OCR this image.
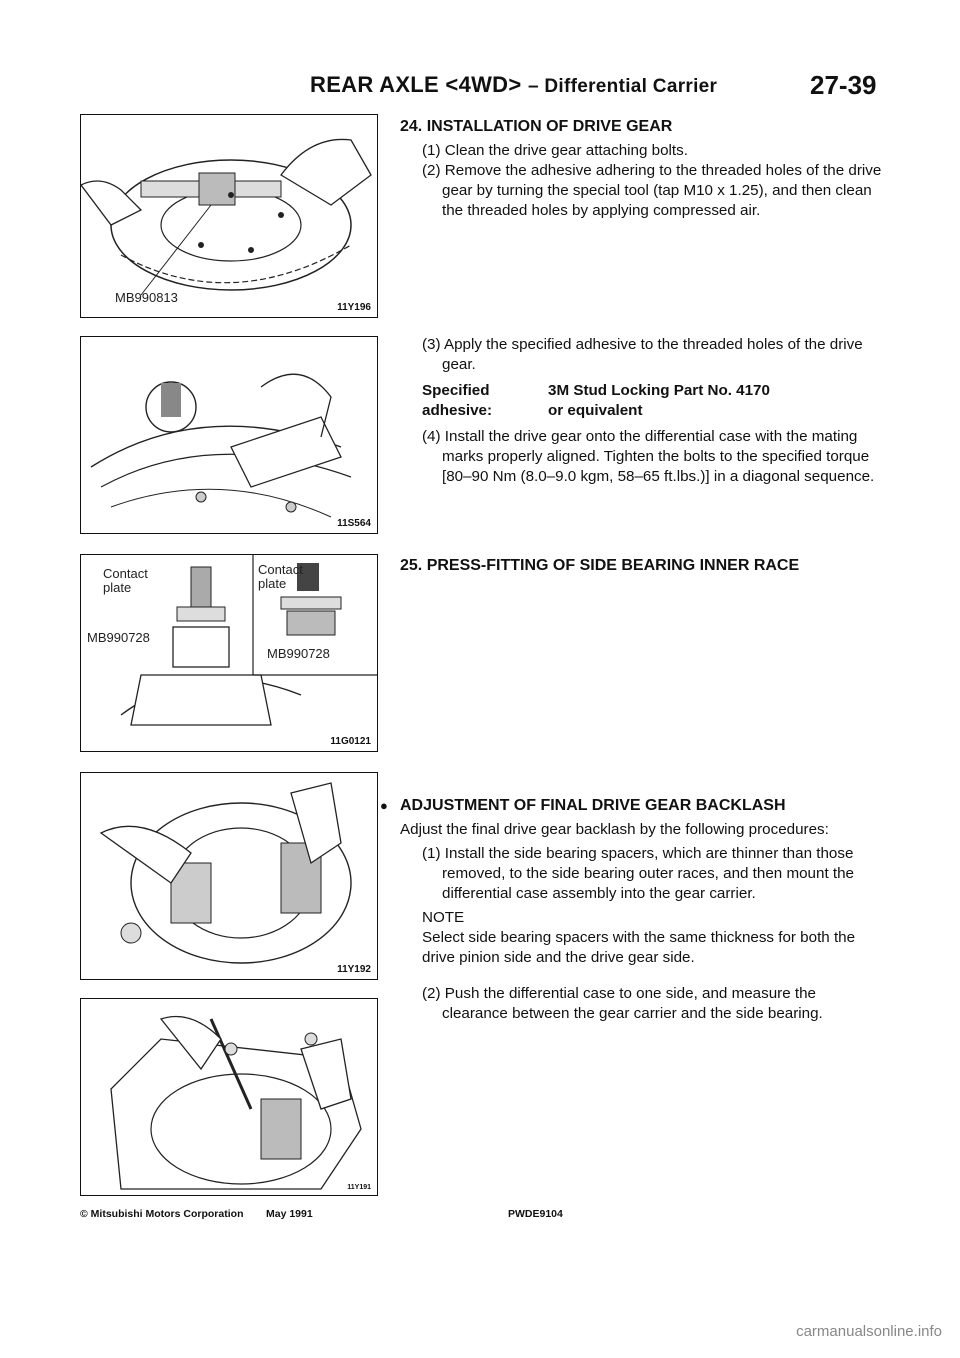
REAR AXLE <4WD> – Differential Carrier	27-39
MB990813
11Y196
11S564
Contact plate
MB990728
Contact plate
MB990728
11G0121
11Y192
11Y191
24. INSTALLATION OF DRIVE GEAR

(1) Clean the drive gear attaching bolts.

(2) Remove the adhesive adhering to the threaded holes of the drive gear by turning the special tool (tap M10 x 1.25), and then clean the threaded holes by applying compressed air.

(3) Apply the specified adhesive to the threaded holes of the drive gear.

Specified adhesive:
3M Stud Locking Part No. 4170
or equivalent

(4) Install the drive gear onto the differential case with the mating marks properly aligned. Tighten the bolts to the specified torque [80–90 Nm (8.0–9.0 kgm, 58–65 ft.lbs.)] in a diagonal sequence.

25. PRESS-FITTING OF SIDE BEARING INNER RACE
● ADJUSTMENT OF FINAL DRIVE GEAR BACKLASH

Adjust the final drive gear backlash by the following procedures:

(1) Install the side bearing spacers, which are thinner than those removed, to the side bearing outer races, and then mount the differential case assembly into the gear carrier.

NOTE

Select side bearing spacers with the same thickness for both the drive pinion side and the drive gear side.

(2) Push the differential case to one side, and measure the clearance between the gear carrier and the side bearing.

© Mitsubishi Motors Corporation May 1991	PWDE9104
carmanualsonline.info
